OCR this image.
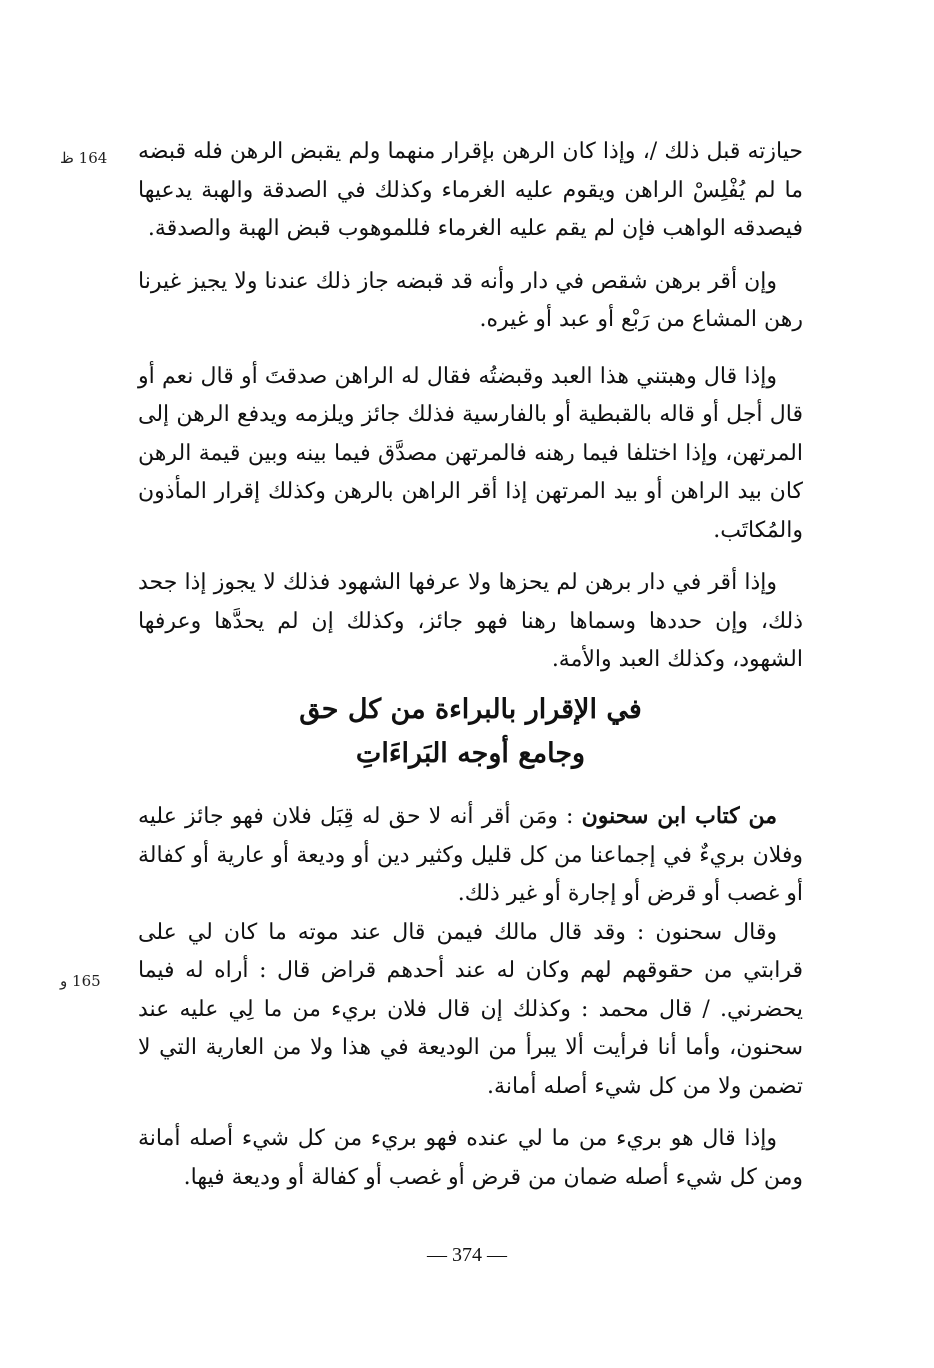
164 ظ
165 و

حيازته قبل ذلك /، وإذا كان الرهن بإقرار منهما ولم يقبض الرهن فله قبضه ما لم يُفْلِسْ الراهن ويقوم عليه الغرماء وكذلك في الصدقة والهبة يدعيها فيصدقه الواهب فإن لم يقم عليه الغرماء فللموهوب قبض الهبة والصدقة.

وإن أقر برهن شقص في دار وأنه قد قبضه جاز ذلك عندنا ولا يجيز غيرنا رهن المشاع من رَبْع أو عبد أو غيره.

وإذا قال وهبتني هذا العبد وقبضتُه فقال له الراهن صدقتَ أو قال نعم أو قال أجل أو قاله بالقبطية أو بالفارسية فذلك جائز ويلزمه ويدفع الرهن إلى المرتهن، وإذا اختلفا فيما رهنه فالمرتهن مصدَّق فيما بينه وبين قيمة الرهن كان بيد الراهن أو بيد المرتهن إذا أقر الراهن بالرهن وكذلك إقرار المأذون والمُكاتَب.

وإذا أقر في دار برهن لم يحزها ولا عرفها الشهود فذلك لا يجوز إذا جحد ذلك، وإن حددها وسماها رهنا فهو جائز، وكذلك إن لم يحدَّها وعرفها الشهود، وكذلك العبد والأمة.

في الإقرار بالبراءة من كل حق
وجامع أوجه البَراءَاتِ

من كتاب ابن سحنون : ومَن أقر أنه لا حق له قِبَل فلان فهو جائز عليه وفلان بريءٌ في إجماعنا من كل قليل وكثير دين أو وديعة أو عارية أو كفالة أو غصب أو قرض أو إجارة أو غير ذلك.

وقال سحنون : وقد قال مالك فيمن قال عند موته ما كان لي على قرابتي من حقوقهم لهم وكان له عند أحدهم قراض قال : أراه له فيما يحضرني. / قال محمد : وكذلك إن قال فلان بريء من ما لِي عليه عند سحنون، وأما أنا فرأيت ألا يبرأ من الوديعة في هذا ولا من العارية التي لا تضمن ولا من كل شيء أصله أمانة.

وإذا قال هو بريء من ما لي عنده فهو بريء من كل شيء أصله أمانة ومن كل شيء أصله ضمان من قرض أو غصب أو كفالة أو وديعة فيها.

— 374 —
